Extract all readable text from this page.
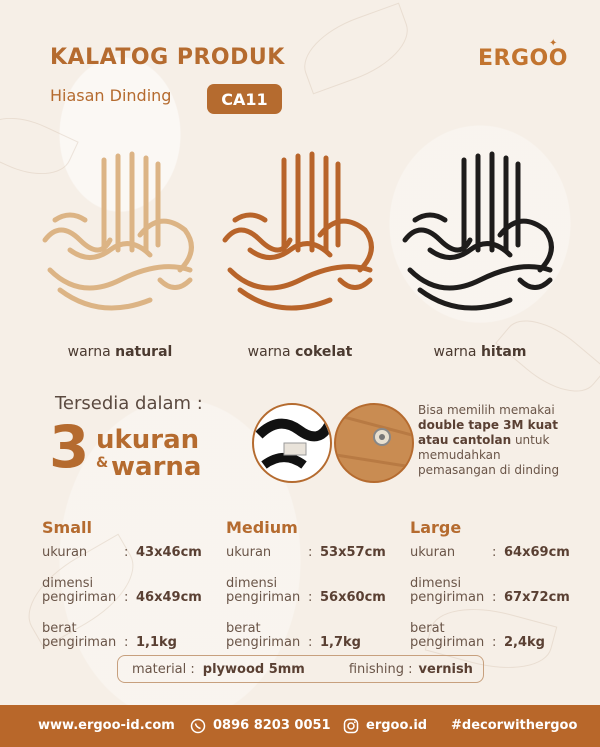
KALATOG PRODUK
Hiasan Dinding	CA11
ERGOO
✦
warna natural	warna cokelat	warna hitam
Tersedia dalam :
3 ukuran
& warna
Bisa memilih memakai
double tape 3M kuat atau cantolan untuk memudahkan pemasangan di dinding
Small
ukuran	: 43x46cm
dimensi
pengiriman : 46x49cm
berat
pengiriman : 1,1kg
Medium
ukuran	: 53x57cm
dimensi
pengiriman : 56x60cm
berat
pengiriman : 1,7kg
Large
ukuran	: 64x69cm
dimensi
pengiriman : 67x72cm
berat
pengiriman : 2,4kg
material : plywood 5mm	finishing : vernish
www.ergoo-id.com	0896 8203 0051	ergoo.id #decorwithergoo
